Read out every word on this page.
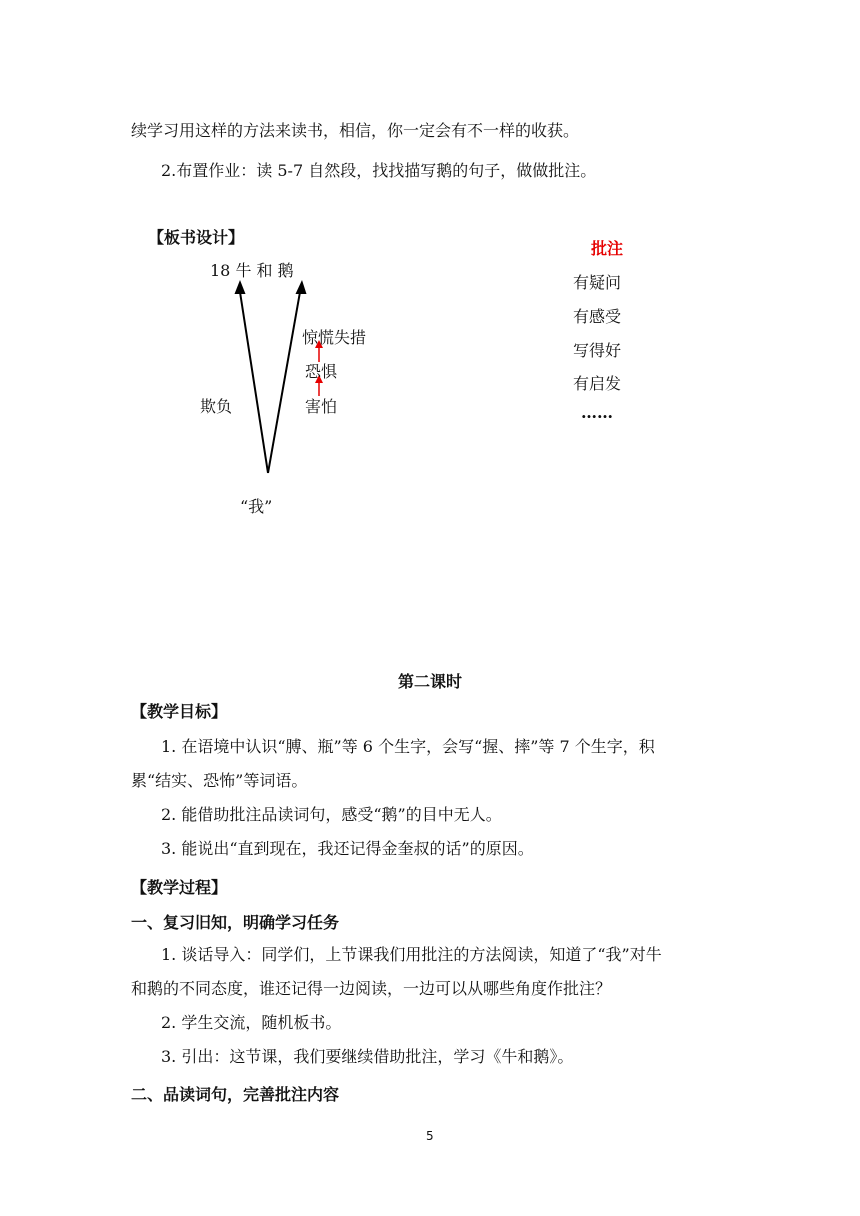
续学习用这样的方法来读书，相信，你一定会有不一样的收获。
2.布置作业：读 5-7 自然段，找找描写鹅的句子，做做批注。
【板书设计】
18 牛 和 鹅
惊慌失措
恐惧
害怕
欺负
“我”
批注
有疑问
有感受
写得好
有启发
……
第二课时
【教学目标】
1. 在语境中认识“膊、瓶”等 6 个生字，会写“握、摔”等 7 个生字，积
累“结实、恐怖”等词语。
2. 能借助批注品读词句，感受“鹅”的目中无人。
3. 能说出“直到现在，我还记得金奎叔的话”的原因。
【教学过程】
一、复习旧知，明确学习任务
1. 谈话导入：同学们，上节课我们用批注的方法阅读，知道了“我”对牛
和鹅的不同态度，谁还记得一边阅读，一边可以从哪些角度作批注？
2. 学生交流，随机板书。
3. 引出：这节课，我们要继续借助批注，学习《牛和鹅》。
二、品读词句，完善批注内容
5
